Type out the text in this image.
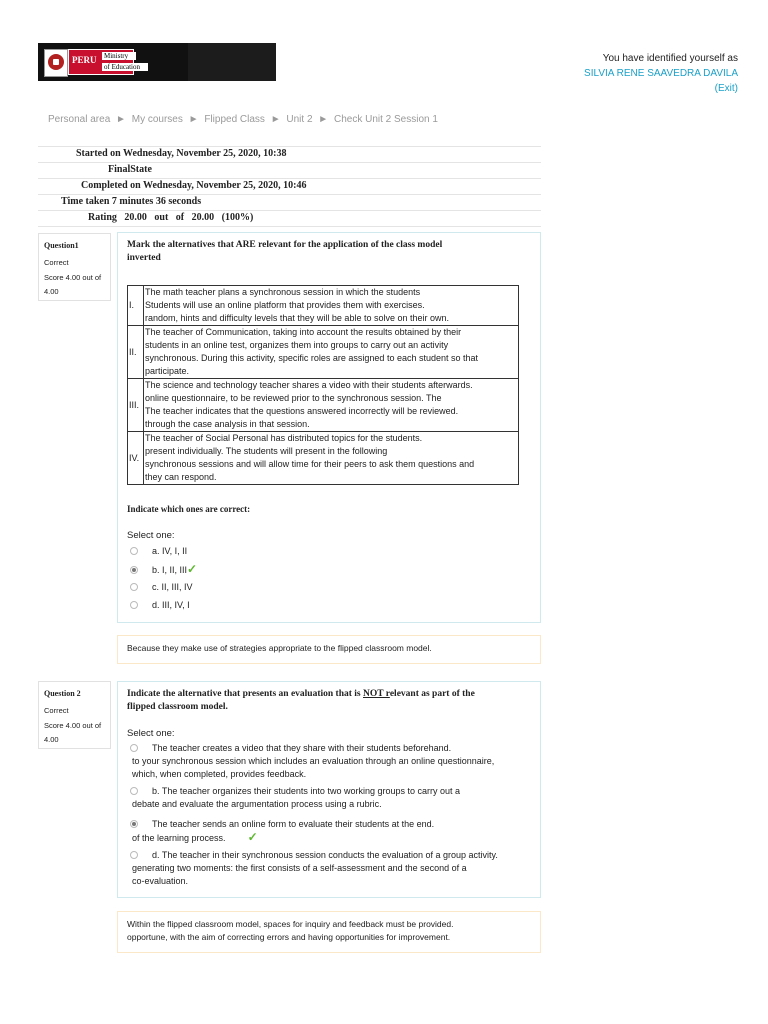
PERU Ministry
of Education
You have identified yourself as
SILVIA RENE SAAVEDRA DAVILA
(Exit)
Personal area ► My courses ► Flipped Class ► Unit 2 ► Check Unit 2 Session 1
Started on Wednesday, November 25, 2020, 10:38
FinalState
Completed on Wednesday, November 25, 2020, 10:46
Time taken 7 minutes 36 seconds
Rating   20.00   out   of   20.00   (100%)
Question1
Correct
Score 4.00 out of
4.00
Mark the alternatives that ARE relevant for the application of the class model
inverted
I.	The math teacher plans a synchronous session in which the students
Students will use an online platform that provides them with exercises.
random, hints and difficulty levels that they will be able to solve on their own.

II.	The teacher of Communication, taking into account the results obtained by their
students in an online test, organizes them into groups to carry out an activity
synchronous. During this activity, specific roles are assigned to each student so that
participate.

III.	The science and technology teacher shares a video with their students afterwards.
online questionnaire, to be reviewed prior to the synchronous session. The
The teacher indicates that the questions answered incorrectly will be reviewed.
through the case analysis in that session.

IV.	The teacher of Social Personal has distributed topics for the students.
present individually. The students will present in the following
synchronous sessions and will allow time for their peers to ask them questions and
they can respond.
Indicate which ones are correct:
Select one:
a. IV, I, II
b. I, II, III✓
c. II, III, IV
d. III, IV, I
Because they make use of strategies appropriate to the flipped classroom model.
Question 2
Correct
Score 4.00 out of
4.00
Indicate the alternative that presents an evaluation that is NOT relevant as part of the
flipped classroom model.
Select one:
The teacher creates a video that they share with their students beforehand.
to your synchronous session which includes an evaluation through an online questionnaire,
which, when completed, provides feedback.
b. The teacher organizes their students into two working groups to carry out a
debate and evaluate the argumentation process using a rubric.
The teacher sends an online form to evaluate their students at the end.
of the learning process. ✓
d. The teacher in their synchronous session conducts the evaluation of a group activity.
generating two moments: the first consists of a self-assessment and the second of a
co-evaluation.
Within the flipped classroom model, spaces for inquiry and feedback must be provided.
opportune, with the aim of correcting errors and having opportunities for improvement.
